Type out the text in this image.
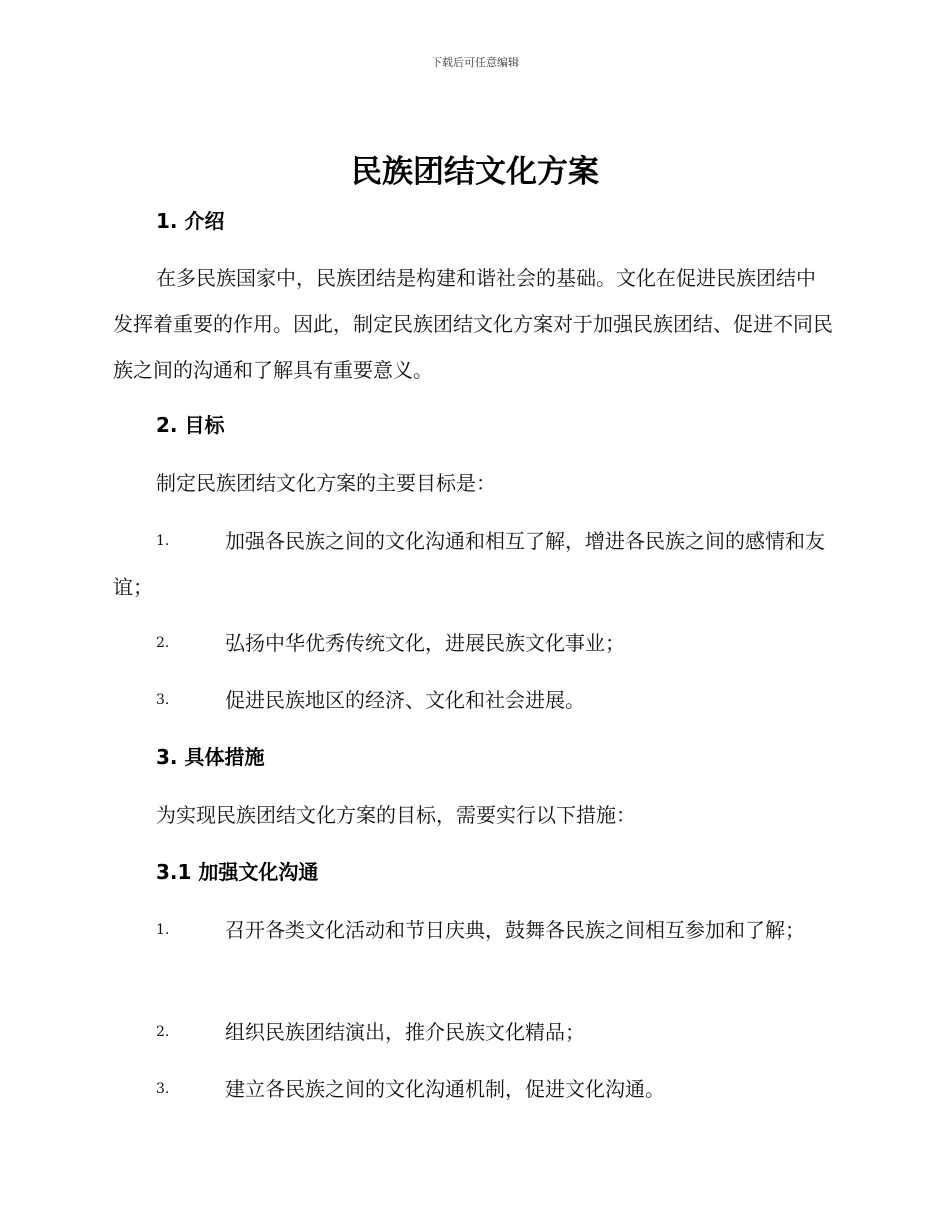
下载后可任意编辑
民族团结文化方案
1. 介绍
在多民族国家中，民族团结是构建和谐社会的基础。文化在促进民族团结中发挥着重要的作用。因此，制定民族团结文化方案对于加强民族团结、促进不同民族之间的沟通和了解具有重要意义。
2. 目标
制定民族团结文化方案的主要目标是：
1.	加强各民族之间的文化沟通和相互了解，增进各民族之间的感情和友谊；
2.	弘扬中华优秀传统文化，进展民族文化事业；
3.	促进民族地区的经济、文化和社会进展。
3. 具体措施
为实现民族团结文化方案的目标，需要实行以下措施：
3.1 加强文化沟通
1.	召开各类文化活动和节日庆典，鼓舞各民族之间相互参加和了解；
2.	组织民族团结演出，推介民族文化精品；
3.	建立各民族之间的文化沟通机制，促进文化沟通。
